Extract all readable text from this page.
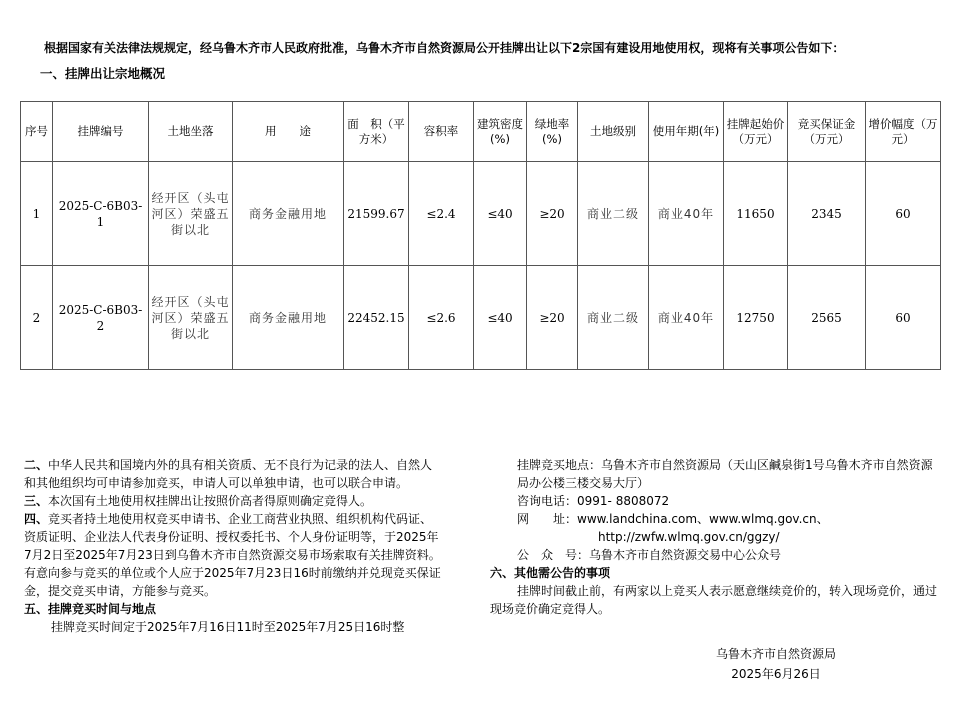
根据国家有关法律法规规定，经乌鲁木齐市人民政府批准，乌鲁木齐市自然资源局公开挂牌出让以下2宗国有建设用地使用权，现将有关事项公告如下：
一、挂牌出让宗地概况
序号	挂牌编号	土地坐落	用　　途	面　积（平方米）	容积率	建筑密度(%)	绿地率(%)	土地级别	使用年期(年)	挂牌起始价（万元）	竞买保证金（万元）	增价幅度（万元）
1	2025-C-6B03-1	经开区（头屯河区）荣盛五街以北	商务金融用地	21599.67	≤2.4	≤40	≥20	商业二级	商业40年	11650	2345	60
2	2025-C-6B03-2	经开区（头屯河区）荣盛五街以北	商务金融用地	22452.15	≤2.6	≤40	≥20	商业二级	商业40年	12750	2565	60

二、中华人民共和国境内外的具有相关资质、无不良行为记录的法人、自然人和其他组织均可申请参加竞买，申请人可以单独申请，也可以联合申请。

三、本次国有土地使用权挂牌出让按照价高者得原则确定竞得人。

四、竞买者持土地使用权竞买申请书、企业工商营业执照、组织机构代码证、资质证明、企业法人代表身份证明、授权委托书、个人身份证明等，于2025年7月2日至2025年7月23日到乌鲁木齐市自然资源交易市场索取有关挂牌资料。有意向参与竞买的单位或个人应于2025年7月23日16时前缴纳并兑现竞买保证金，提交竞买申请，方能参与竞买。

五、挂牌竞买时间与地点

挂牌竞买时间定于2025年7月16日11时至2025年7月25日16时整

挂牌竞买地点：乌鲁木齐市自然资源局（天山区鹹泉街1号乌鲁木齐市自然资源局办公楼三楼交易大厅）

咨询电话：0991- 8808072

网　　址：www.landchina.com、www.wlmq.gov.cn、

http://zwfw.wlmq.gov.cn/ggzy/

公　众　号：乌鲁木齐市自然资源交易中心公众号

六、其他需公告的事项

挂牌时间截止前，有两家以上竞买人表示愿意继续竞价的，转入现场竞价，通过现场竞价确定竞得人。

乌鲁木齐市自然资源局
2025年6月26日
